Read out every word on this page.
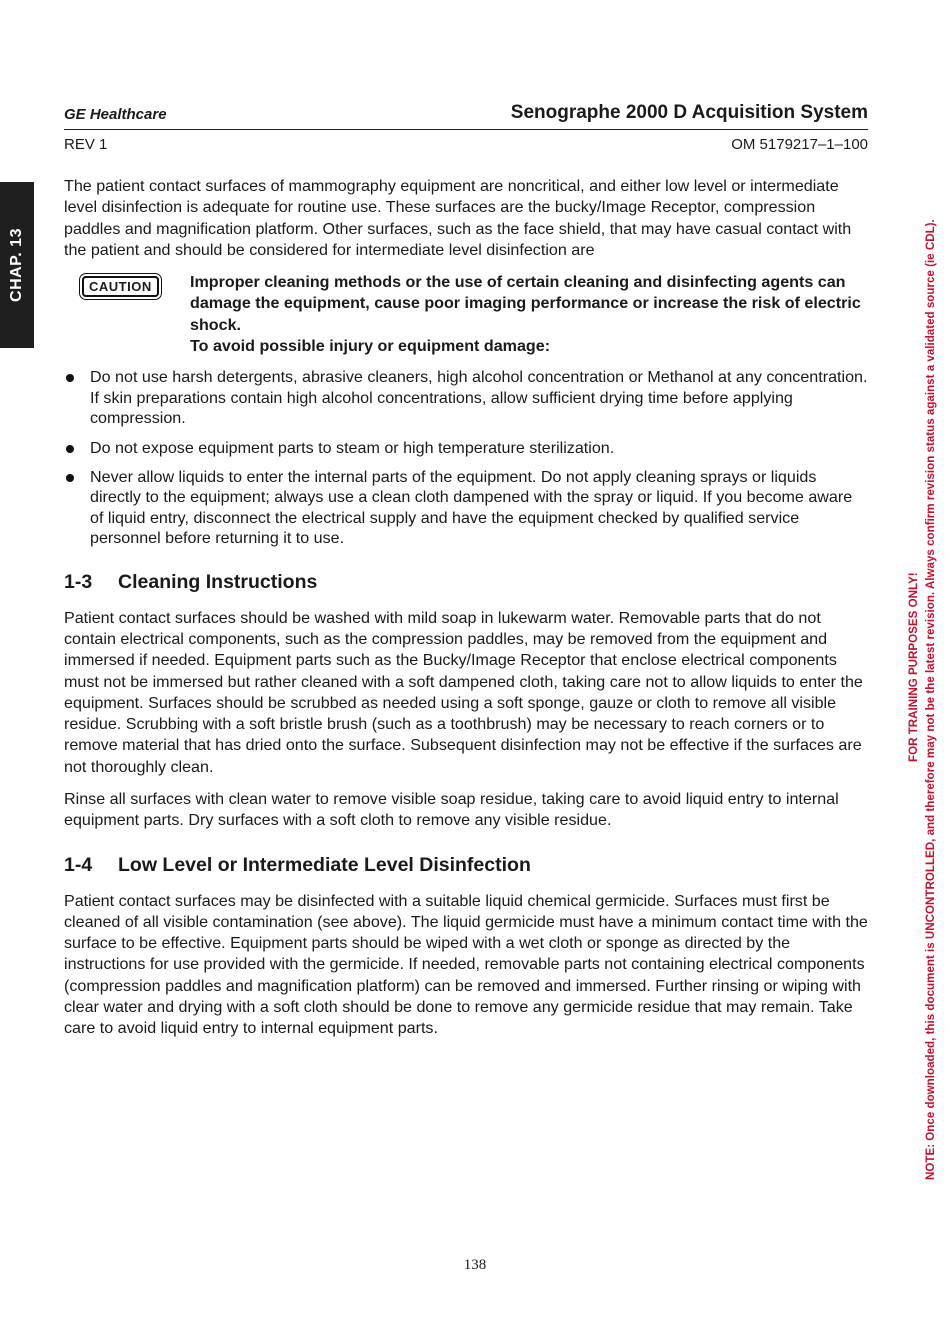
GE Healthcare	Senographe 2000 D Acquisition System
REV 1	OM 5179217–1–100
CHAP. 13
FOR TRAINING PURPOSES ONLY! NOTE: Once downloaded, this document is UNCONTROLLED, and therefore may not be the latest revision. Always confirm revision status against a validated source (ie CDL).

The patient contact surfaces of mammography equipment are noncritical, and either low level or intermediate level disinfection is adequate for routine use. These surfaces are the bucky/Image Receptor, compression paddles and magnification platform. Other surfaces, such as the face shield, that may have casual contact with the patient and should be considered for intermediate level disinfection are

CAUTION	Improper cleaning methods or the use of certain cleaning and disinfecting agents can damage the equipment, cause poor imaging performance or increase the risk of electric shock.
To avoid possible injury or equipment damage:
Do not use harsh detergents, abrasive cleaners, high alcohol concentration or Methanol at any concentration. If skin preparations contain high alcohol concentrations, allow sufficient drying time before applying compression.
Do not expose equipment parts to steam or high temperature sterilization.
Never allow liquids to enter the internal parts of the equipment. Do not apply cleaning sprays or liquids directly to the equipment; always use a clean cloth dampened with the spray or liquid. If you become aware of liquid entry, disconnect the electrical supply and have the equipment checked by qualified service personnel before returning it to use.
1-3	Cleaning Instructions

Patient contact surfaces should be washed with mild soap in lukewarm water. Removable parts that do not contain electrical components, such as the compression paddles, may be removed from the equipment and immersed if needed. Equipment parts such as the Bucky/Image Receptor that enclose electrical components must not be immersed but rather cleaned with a soft dampened cloth, taking care not to allow liquids to enter the equipment. Surfaces should be scrubbed as needed using a soft sponge, gauze or cloth to remove all visible residue. Scrubbing with a soft bristle brush (such as a toothbrush) may be necessary to reach corners or to remove material that has dried onto the surface. Subsequent disinfection may not be effective if the surfaces are not thoroughly clean.

Rinse all surfaces with clean water to remove visible soap residue, taking care to avoid liquid entry to internal equipment parts. Dry surfaces with a soft cloth to remove any visible residue.

1-4	Low Level or Intermediate Level Disinfection

Patient contact surfaces may be disinfected with a suitable liquid chemical germicide. Surfaces must first be cleaned of all visible contamination (see above). The liquid germicide must have a minimum contact time with the surface to be effective. Equipment parts should be wiped with a wet cloth or sponge as directed by the instructions for use provided with the germicide. If needed, removable parts not containing electrical components (compression paddles and magnification platform) can be removed and immersed. Further rinsing or wiping with clear water and drying with a soft cloth should be done to remove any germicide residue that may remain. Take care to avoid liquid entry to internal equipment parts.

138
